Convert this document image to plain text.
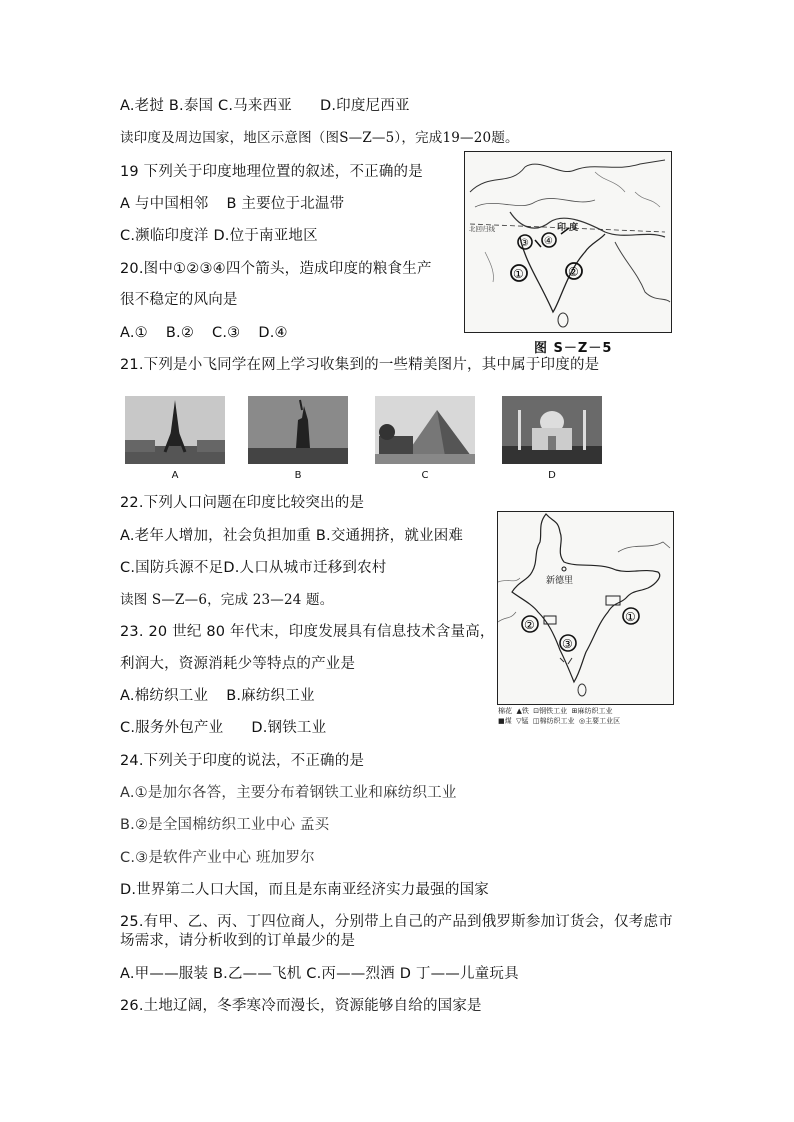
A.老挝 B.泰国 C.马来西亚 D.印度尼西亚
读印度及周边国家，地区示意图（图S—Z—5），完成19—20题。
19 下列关于印度地理位置的叙述，不正确的是
A 与中国相邻 B 主要位于北温带
C.濒临印度洋 D.位于南亚地区
20.图中①②③④四个箭头，造成印度的粮食生产
很不稳定的风向是
A.① B.② C.③ D.④
21.下列是小飞同学在网上学习收集到的一些精美图片，其中属于印度的是
22.下列人口问题在印度比较突出的是
A.老年人增加，社会负担加重 B.交通拥挤，就业困难
C.国防兵源不足D.人口从城市迁移到农村
读图 S—Z—6，完成 23—24 题。
23. 20 世纪 80 年代末，印度发展具有信息技术含量高，
利润大，资源消耗少等特点的产业是
A.棉纺织工业 B.麻纺织工业
C.服务外包产业 D.钢铁工业
24.下列关于印度的说法，不正确的是
A.①是加尔各答，主要分布着钢铁工业和麻纺织工业
B.②是全国棉纺织工业中心 孟买
C.③是软件产业中心 班加罗尔
D.世界第二人口大国，而且是东南亚经济实力最强的国家
25.有甲、乙、丙、丁四位商人，分别带上自己的产品到俄罗斯参加订货会，仅考虑市
场需求，请分析收到的订单最少的是
A.甲——服装 B.乙——飞机 C.丙——烈酒 D 丁——儿童玩具
26.土地辽阔，冬季寒冷而漫长，资源能够自给的国家是
北回归线	印 度
③ ④
①	②
图 S－Z－5
A	B	C	D
新德里
①
②
③
棉花  ▲铁  ⊡钢铁工业  ⊞麻纺织工业
■煤  ▽锰  ◫棉纺织工业  ◎主要工业区
